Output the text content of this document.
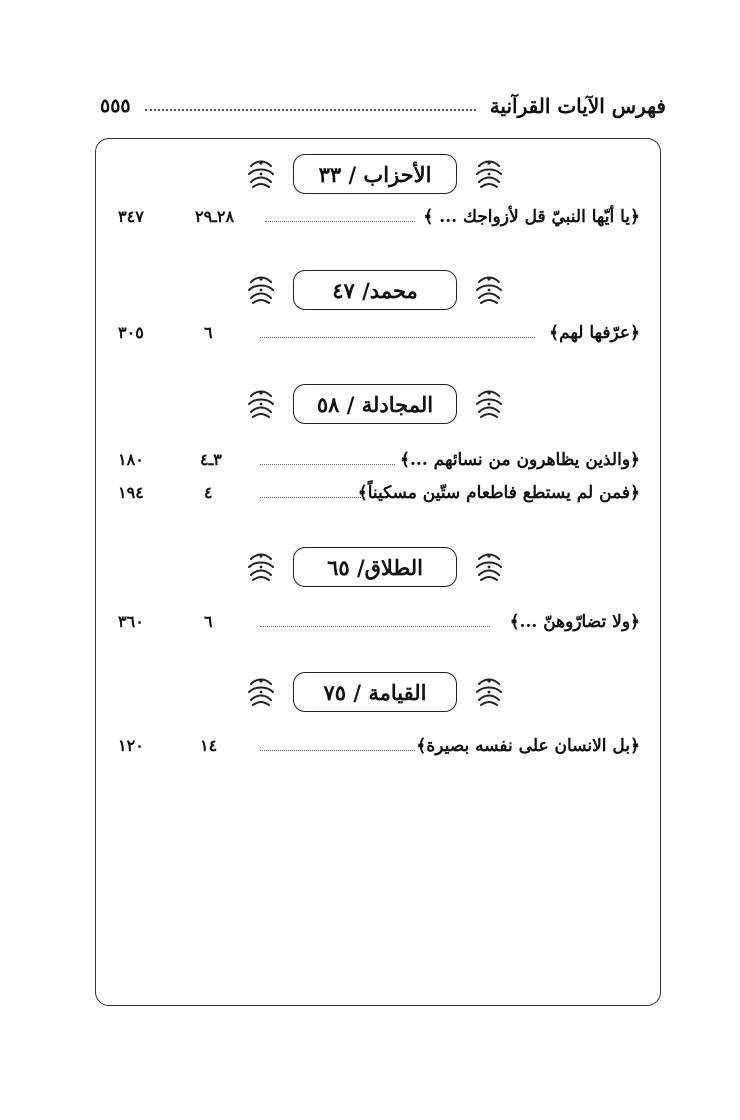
فهرس الآيات القرآنية
٥٥٥
الأحزاب / ٣٣
﴿يا أيّها النبيّ قل لأزواجك ... ﴾
٢٨ـ٢٩
٣٤٧
محمد/ ٤٧
﴿عرّفها لهم﴾
٦
٣٠٥
المجادلة / ٥٨
﴿والذين يظاهرون من نسائهم ...﴾
٣ـ٤
١٨٠
﴿فمن لم يستطع فاطعام ستّين مسكيناً﴾
٤
١٩٤
الطلاق/ ٦٥
﴿ولا تضارّوهنّ ...﴾
٦
٣٦٠
القيامة / ٧٥
﴿بل الانسان على نفسه بصيرة﴾
١٤
١٢٠
